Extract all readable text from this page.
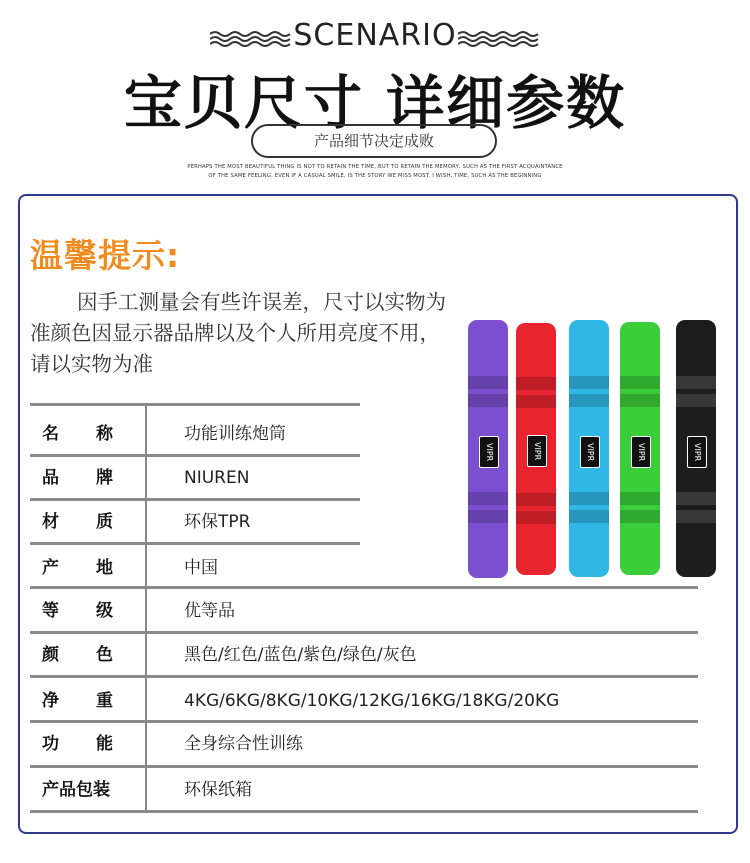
SCENARIO
宝贝尺寸 详细参数
产品细节决定成败
PERHAPS THE MOST BEAUTIFUL THING IS NOT TO RETAIN THE TIME, BUT TO RETAIN THE MEMORY, SUCH AS THE FIRST ACQUAINTANCE
OF THE SAME FEELING, EVEN IF A CASUAL SMILE, IS THE STORY WE MISS MOST. I WISH, TIME, SUCH AS THE BEGINNING
温馨提示:
因手工测量会有些许误差，尺寸以实物为
准颜色因显示器品牌以及个人所用亮度不用，
请以实物为准
VIPR	VIPR	VIPR	VIPR	VIPR
名 称	功能训练炮筒
品 牌	NIUREN
材 质	环保TPR
产 地	中国
等 级	优等品
颜 色	黑色/红色/蓝色/紫色/绿色/灰色
净 重	4KG/6KG/8KG/10KG/12KG/16KG/18KG/20KG
功 能	全身综合性训练
产品包装	环保纸箱
